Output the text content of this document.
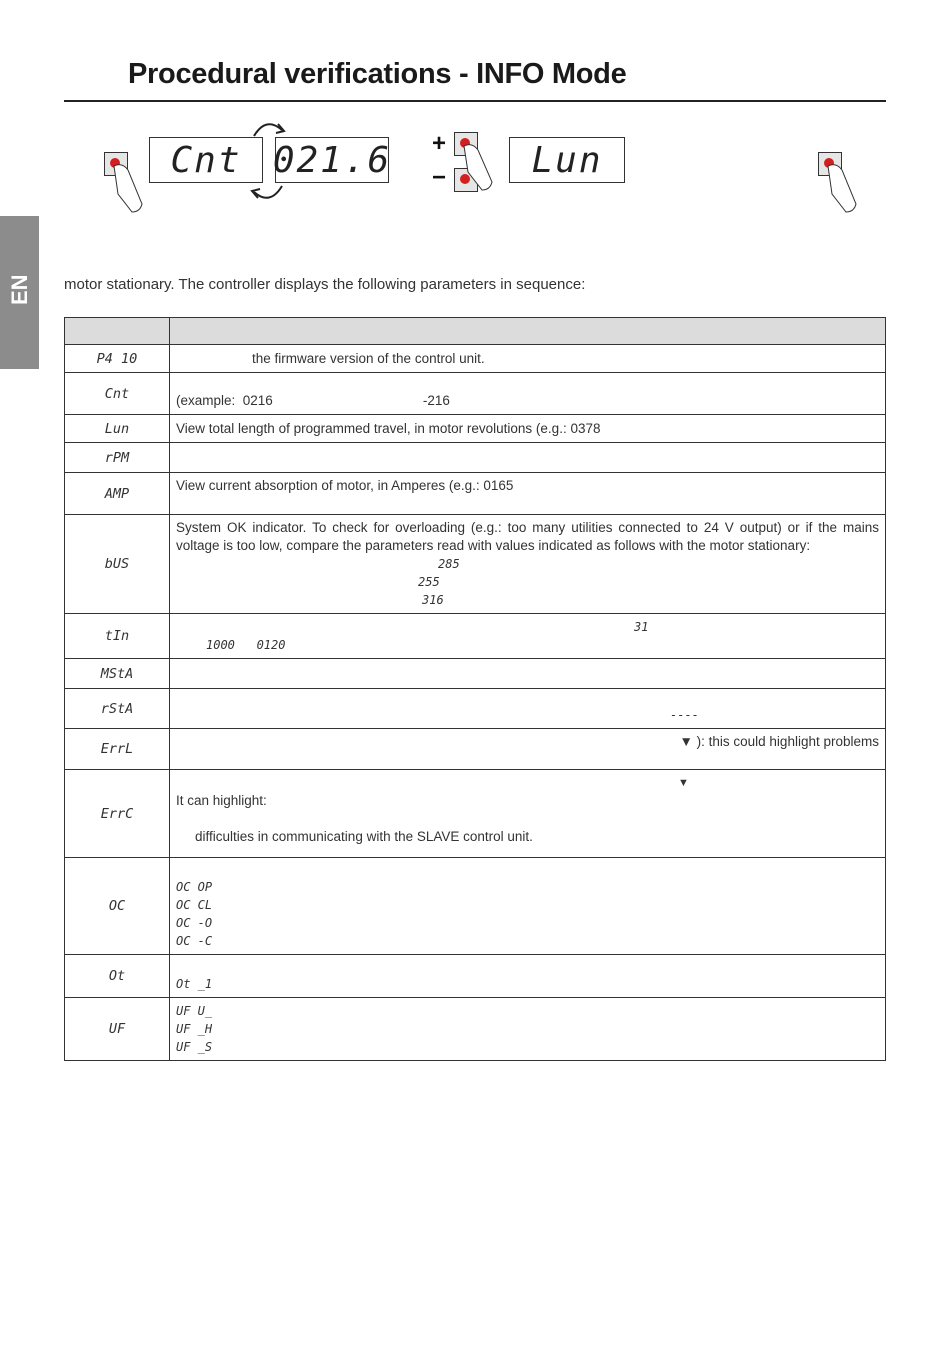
Procedural verifications - INFO Mode
EN
Cnt 021.6 +
−	Lun
motor stationary. The controller displays the following parameters in sequence:

P4 10	the firmware version of the control unit.

Cnt	(example:  0216                                        -216

Lun	View total length of programmed travel, in motor revolutions (e.g.: 0378

rPM	

AMP	View current absorption of motor, in Amperes (e.g.: 0165

bUS	System OK indicator. To check for overloading (e.g.: too many utilities connected to 24 V output) or if the mains voltage is too low, compare the parameters read with values indicated as follows with the motor stationary:
285
255
316

tIn	31
1000   0120

MStA	

rStA	----

ErrL	▼ ): this could highlight problems

ErrC	▼
It can highlight:
difficulties in communicating with the SLAVE control unit.

OC	OC OP
OC CL
OC -O
OC -C

Ot	Ot _1

UF	UF U_
UF _H
UF _S
